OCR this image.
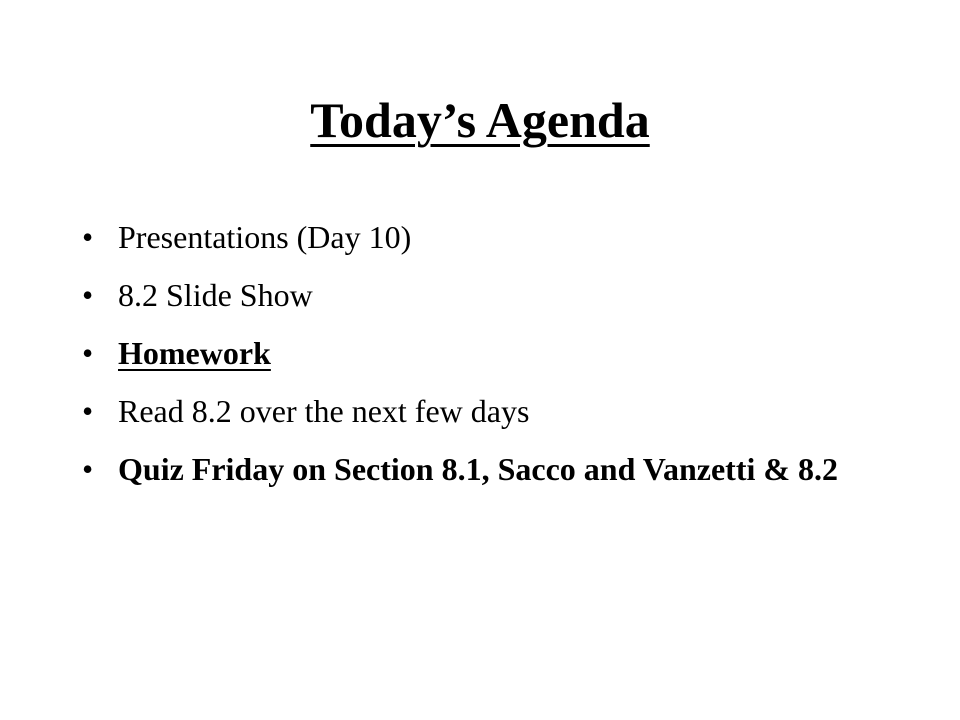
Today’s Agenda
• Presentations (Day 10)
• 8.2 Slide Show
• Homework
• Read 8.2 over the next few days
• Quiz Friday on Section 8.1, Sacco and Vanzetti & 8.2
